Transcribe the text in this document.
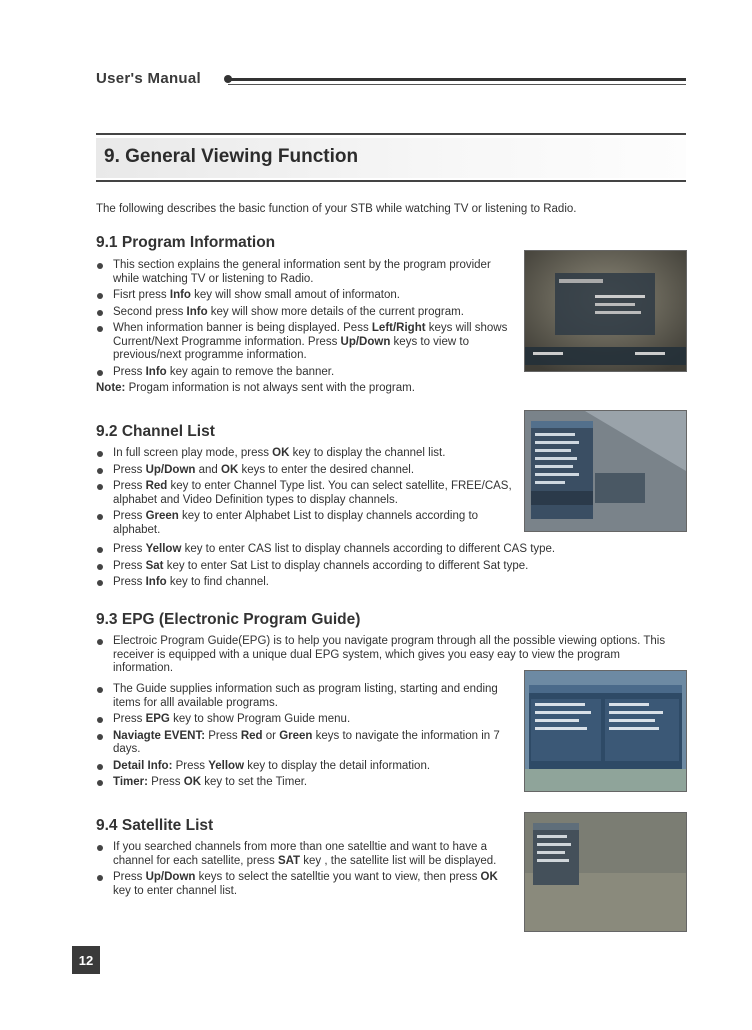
User's Manual
9. General Viewing Function
The following describes the basic function of your STB while watching TV or listening to Radio.
9.1 Program Information
This section explains the general information sent by the program provider while watching TV or listening to Radio.
Fisrt press Info key will show small amout of informaton.
Second press Info key will show more details of the current program.
When information banner is being displayed. Pess Left/Right keys will shows Current/Next Programme information. Press Up/Down keys to view to previous/next programme information.
Press Info key again to remove the banner.
Note: Progam information is not always sent with the program.
9.2 Channel List
In full screen play mode, press OK key to display the channel list.
Press Up/Down and OK keys to enter the desired channel.
Press Red key to enter Channel Type list. You can select satellite, FREE/CAS, alphabet and Video Definition types to display channels.
Press Green key to enter Alphabet List to display channels according to alphabet.
Press Yellow key to enter CAS list to display channels according to different CAS type.
Press Sat key to enter Sat List to display channels according to different Sat type.
Press Info key to find channel.
9.3 EPG (Electronic Program Guide)
Electroic Program Guide(EPG) is to help you navigate program through all the possible viewing options. This receiver is equipped with a unique dual EPG system, which gives you easy eay to view the program information.
The Guide supplies information such as program listing, starting and ending items for alll available programs.
Press EPG key to show Program Guide menu.
Naviagte EVENT: Press Red or Green keys to navigate the information in 7 days.
Detail Info: Press Yellow key to display the detail information.
Timer: Press OK key to set the Timer.
9.4 Satellite List
If you searched channels from more than one satelltie and want to have a channel for each satellite, press SAT key , the satellite list will be displayed.
Press Up/Down keys to select the satelltie you want to view, then press OK key to enter channel list.
12
